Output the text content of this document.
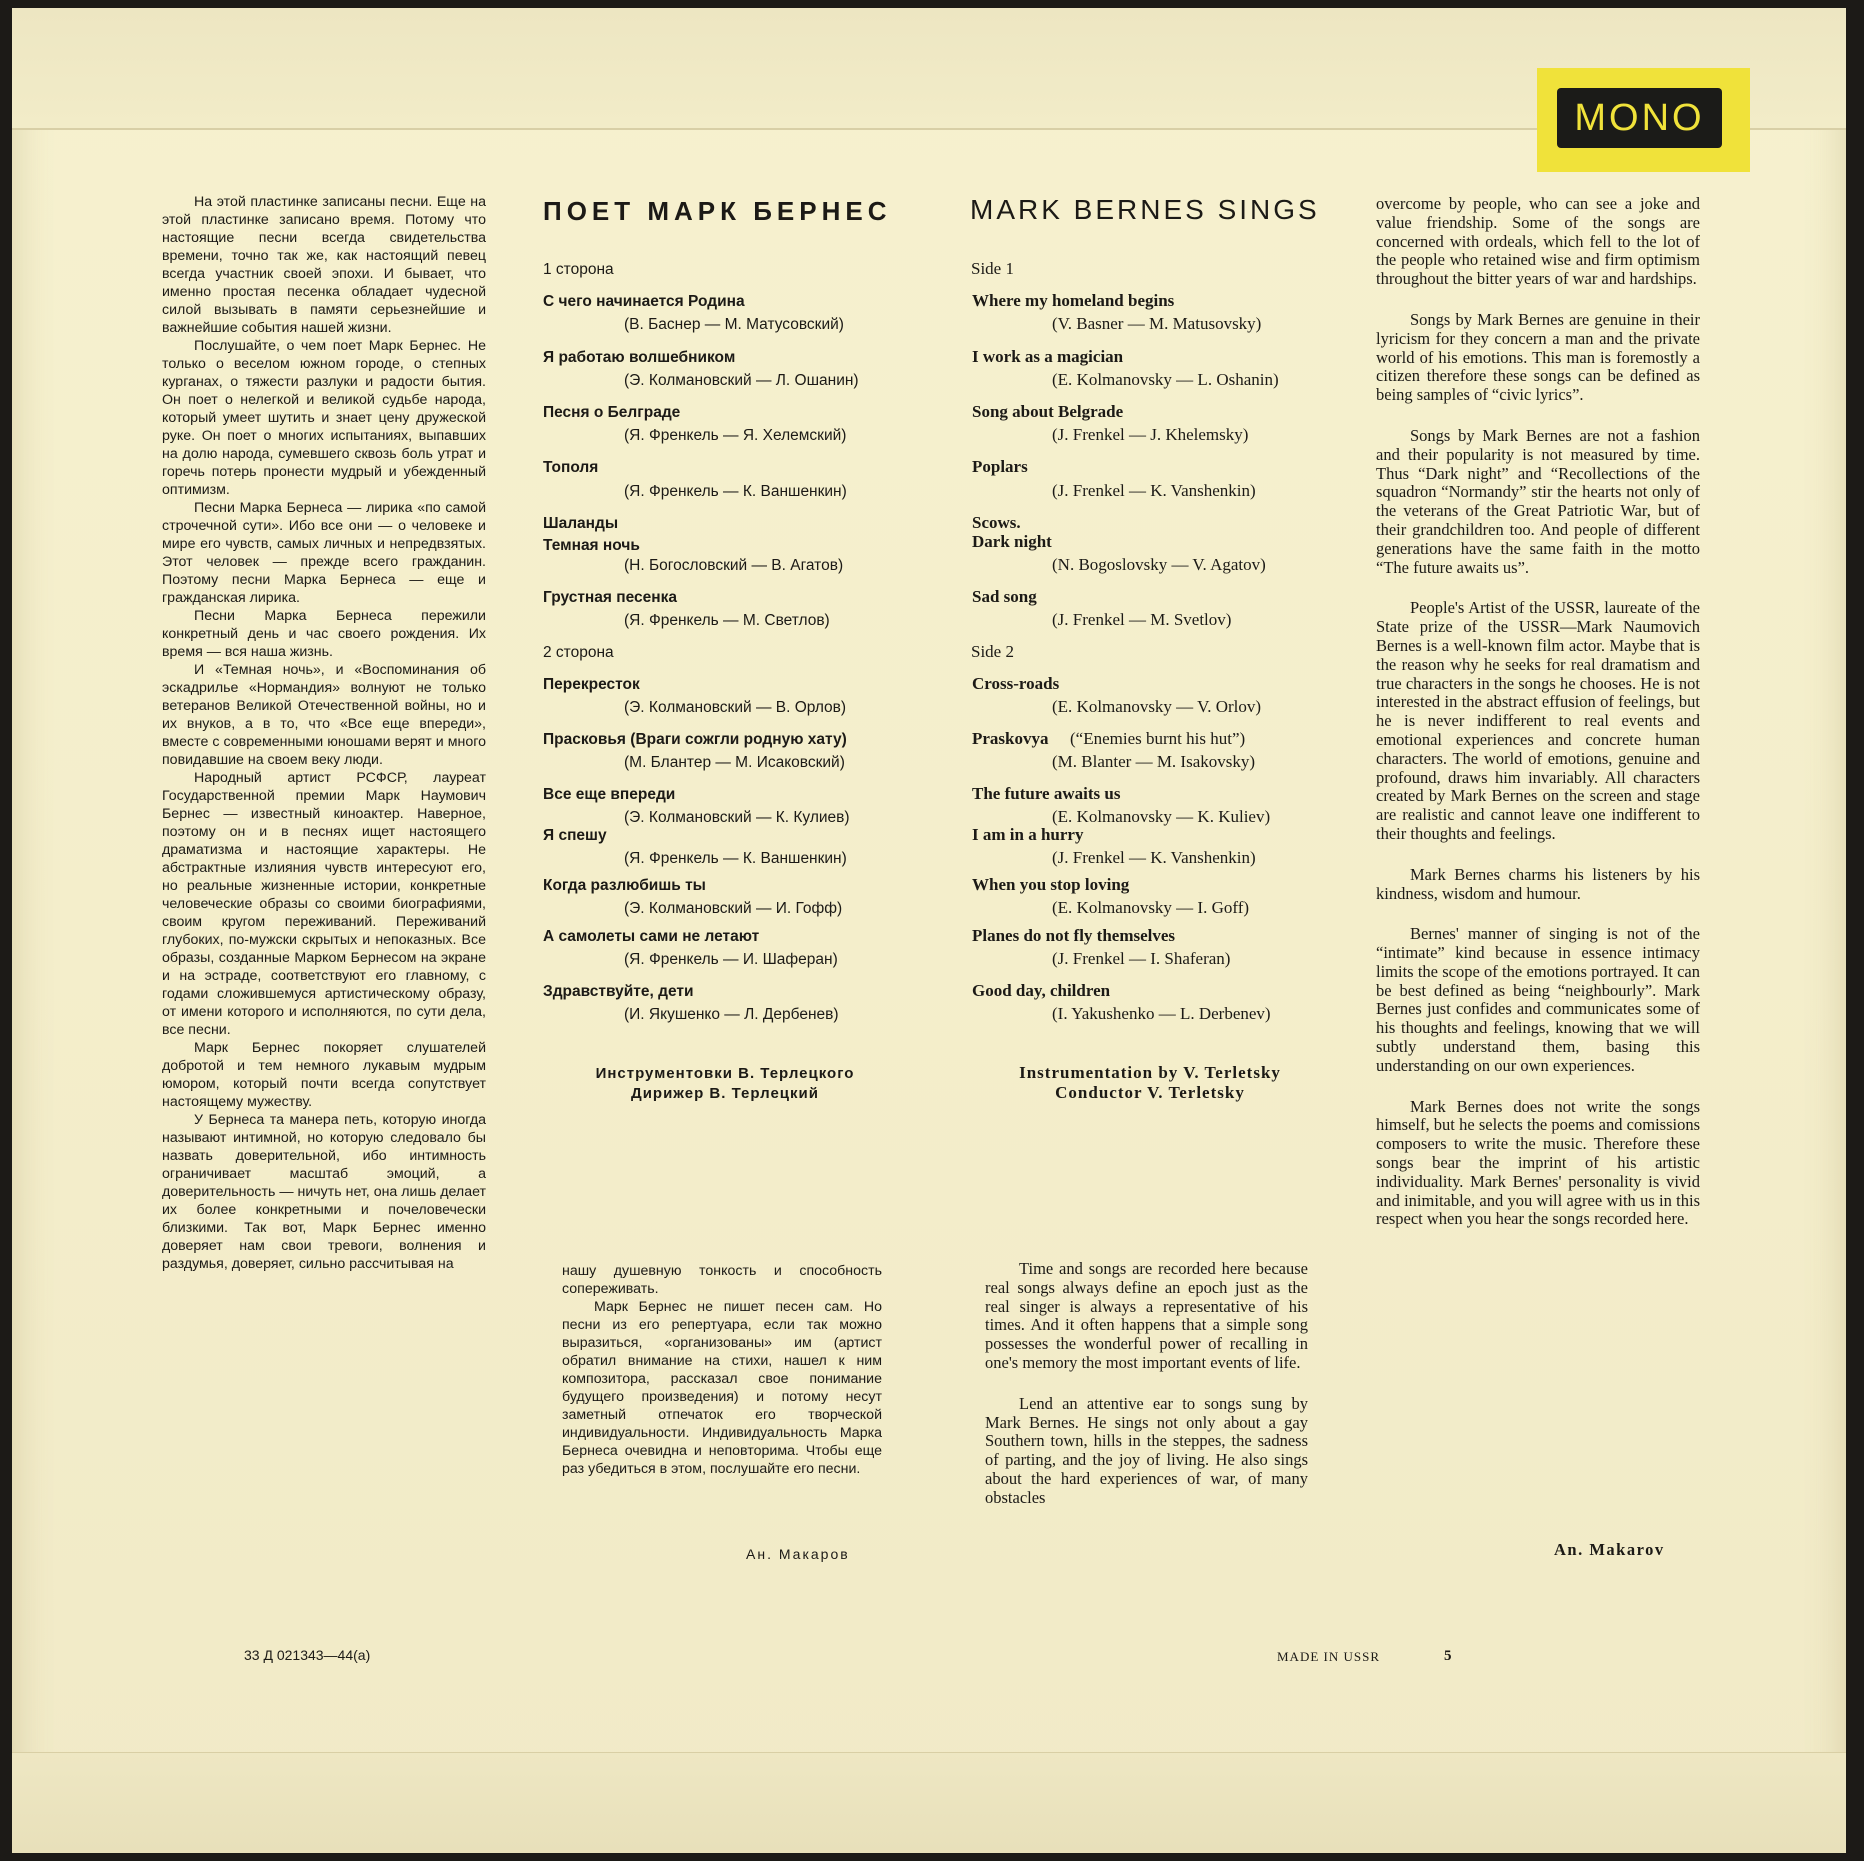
MONO

На этой пластинке записаны песни. Еще на этой пластинке записано время. Потому что настоящие песни всегда свидетельства времени, точно так же, как настоящий певец всегда участник своей эпохи. И бывает, что именно простая песенка обладает чудесной силой вызывать в памяти серьезнейшие и важнейшие события нашей жизни.

Послушайте, о чем поет Марк Бернес. Не только о веселом южном городе, о степных курганах, о тяжести разлуки и радости бытия. Он поет о нелегкой и великой судьбе народа, который умеет шутить и знает цену дружеской руке. Он поет о многих испытаниях, выпавших на долю народа, сумевшего сквозь боль утрат и горечь потерь пронести мудрый и убежденный оптимизм.

Песни Марка Бернеса — лирика «по самой строчечной сути». Ибо все они — о человеке и мире его чувств, самых личных и непредвзятых. Этот человек — прежде всего гражданин. Поэтому песни Марка Бернеса — еще и гражданская лирика.

Песни Марка Бернеса пережили конкретный день и час своего рождения. Их время — вся наша жизнь.

И «Темная ночь», и «Воспоминания об эскадрилье «Нормандия» волнуют не только ветеранов Великой Отечественной войны, но и их внуков, а в то, что «Все еще впереди», вместе с современными юношами верят и много повидавшие на своем веку люди.

Народный артист РСФСР, лауреат Государственной премии Марк Наумович Бернес — известный киноактер. Наверное, поэтому он и в песнях ищет настоящего драматизма и настоящие характеры. Не абстрактные излияния чувств интересуют его, но реальные жизненные истории, конкретные человеческие образы со своими биографиями, своим кругом переживаний. Переживаний глубоких, по-мужски скрытых и непоказных. Все образы, созданные Марком Бернесом на экране и на эстраде, соответствуют его главному, с годами сложившемуся артистическому образу, от имени которого и исполняются, по сути дела, все песни.

Марк Бернес покоряет слушателей добротой и тем немного лукавым мудрым юмором, который почти всегда сопутствует настоящему мужеству.

У Бернеса та манера петь, которую иногда называют интимной, но которую следовало бы назвать доверительной, ибо интимность ограничивает масштаб эмоций, а доверительность — ничуть нет, она лишь делает их более конкретными и почеловечески близкими. Так вот, Марк Бернес именно доверяет нам свои тревоги, волнения и раздумья, доверяет, сильно рассчитывая на

ПОЕТ МАРК БЕРНЕС
1 сторона
С чего начинается Родина
(В. Баснер — М. Матусовский)
Я работаю волшебником
(Э. Колмановский — Л. Ошанин)
Песня о Белграде
(Я. Френкель — Я. Хелемский)
Тополя
(Я. Френкель — К. Ваншенкин)
Шаланды
Темная ночь
(Н. Богословский — В. Агатов)
Грустная песенка
(Я. Френкель — М. Светлов)
2 сторона
Перекресток
(Э. Колмановский — В. Орлов)
Прасковья (Враги сожгли родную хату)
(М. Блантер — М. Исаковский)
Все еще впереди
(Э. Колмановский — К. Кулиев)
Я спешу
(Я. Френкель — К. Ваншенкин)
Когда разлюбишь ты
(Э. Колмановский — И. Гофф)
А самолеты сами не летают
(Я. Френкель — И. Шаферан)
Здравствуйте, дети
(И. Якушенко — Л. Дербенев)
Инструментовки В. Терлецкого
Дирижер В. Терлецкий

нашу душевную тонкость и способность сопереживать.

Марк Бернес не пишет песен сам. Но песни из его репертуара, если так можно выразиться, «организованы» им (артист обратил внимание на стихи, нашел к ним композитора, рассказал свое понимание будущего произведения) и потому несут заметный отпечаток его творческой индивидуальности. Индивидуальность Марка Бернеса очевидна и неповторима. Чтобы еще раз убедиться в этом, послушайте его песни.

Ан. Макаров
MARK BERNES SINGS
Side 1
Where my homeland begins
(V. Basner — M. Matusovsky)
I work as a magician
(E. Kolmanovsky — L. Oshanin)
Song about Belgrade
(J. Frenkel — J. Khelemsky)
Poplars
(J. Frenkel — K. Vanshenkin)
Scows.
Dark night
(N. Bogoslovsky — V. Agatov)
Sad song
(J. Frenkel — M. Svetlov)
Side 2
Cross-roads
(E. Kolmanovsky — V. Orlov)
Praskovya (“Enemies burnt his hut”)
(M. Blanter — M. Isakovsky)
The future awaits us
(E. Kolmanovsky — K. Kuliev)
I am in a hurry
(J. Frenkel — K. Vanshenkin)
When you stop loving
(E. Kolmanovsky — I. Goff)
Planes do not fly themselves
(J. Frenkel — I. Shaferan)
Good day, children
(I. Yakushenko — L. Derbenev)
Instrumentation by V. Terletsky
Conductor V. Terletsky

Time and songs are recorded here because real songs always define an epoch just as the real singer is always a representative of his times. And it often happens that a simple song possesses the wonderful power of recalling in one's memory the most important events of life.

Lend an attentive ear to songs sung by Mark Bernes. He sings not only about a gay Southern town, hills in the steppes, the sadness of parting, and the joy of living. He also sings about the hard experiences of war, of many obstacles

overcome by people, who can see a joke and value friendship. Some of the songs are concerned with ordeals, which fell to the lot of the people who retained wise and firm optimism throughout the bitter years of war and hardships.

Songs by Mark Bernes are genuine in their lyricism for they concern a man and the private world of his emotions. This man is foremostly a citizen therefore these songs can be defined as being samples of “civic lyrics”.

Songs by Mark Bernes are not a fashion and their popularity is not measured by time. Thus “Dark night” and “Recollections of the squadron “Normandy” stir the hearts not only of the veterans of the Great Patriotic War, but of their grandchildren too. And people of different generations have the same faith in the motto “The future awaits us”.

People's Artist of the USSR, laureate of the State prize of the USSR—Mark Naumovich Bernes is a well-known film actor. Maybe that is the reason why he seeks for real dramatism and true characters in the songs he chooses. He is not interested in the abstract effusion of feelings, but he is never indifferent to real events and emotional experiences and concrete human characters. The world of emotions, genuine and profound, draws him invariably. All characters created by Mark Bernes on the screen and stage are realistic and cannot leave one indifferent to their thoughts and feelings.

Mark Bernes charms his listeners by his kindness, wisdom and humour.

Bernes' manner of singing is not of the “intimate” kind because in essence intimacy limits the scope of the emotions portrayed. It can be best defined as being “neighbourly”. Mark Bernes just confides and communicates some of his thoughts and feelings, knowing that we will subtly understand them, basing this understanding on our own experiences.

Mark Bernes does not write the songs himself, but he selects the poems and comissions composers to write the music. Therefore these songs bear the imprint of his artistic individuality. Mark Bernes' personality is vivid and inimitable, and you will agree with us in this respect when you hear the songs recorded here.

An. Makarov
33 Д 021343—44(а)	MADE IN USSR	5
